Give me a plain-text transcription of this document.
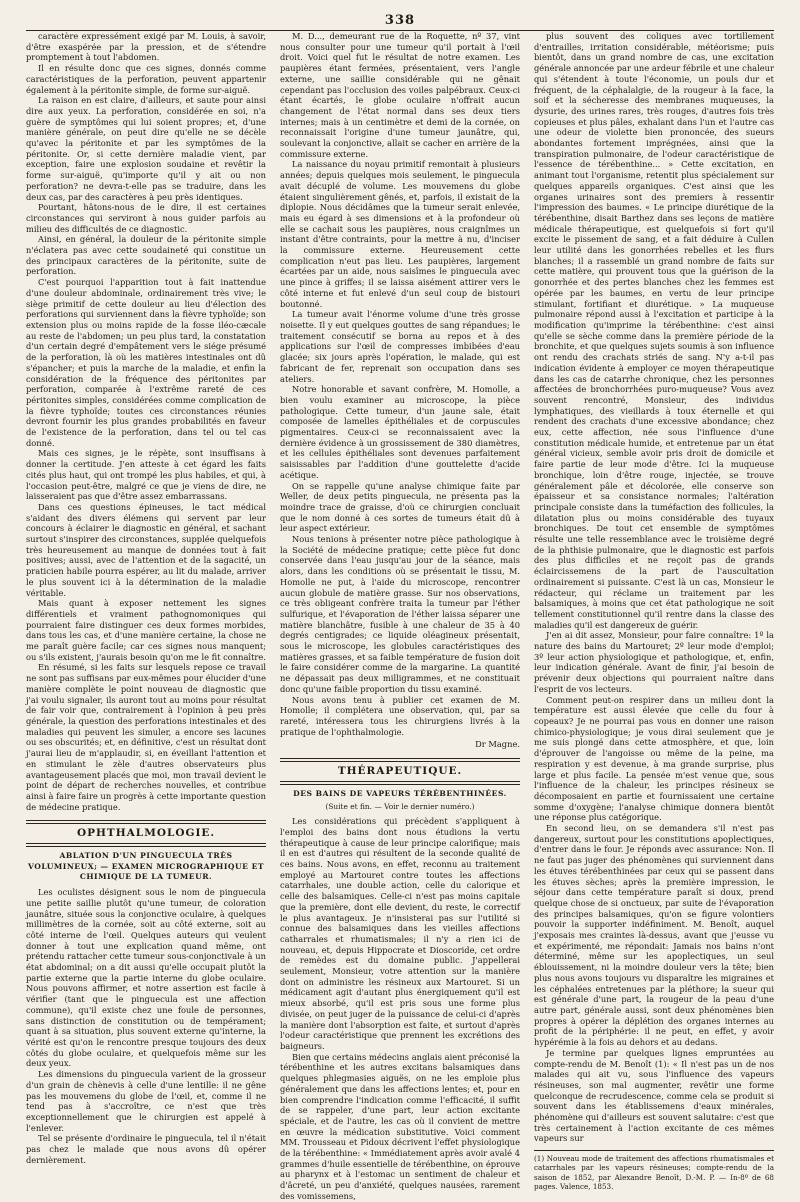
338

caractère expressément exigé par M. Louis, à savoir, d'être exaspérée par la pression, et de s'étendre promptement à tout l'abdomen.

Il en résulte donc que ces signes, donnés comme caractéristiques de la perforation, peuvent appartenir également à la péritonite simple, de forme sur-aiguë.

La raison en est claire, d'ailleurs, et saute pour ainsi dire aux yeux. La perforation, considérée en soi, n'a guère de symptômes qui lui soient propres; et, d'une manière générale, on peut dire qu'elle ne se décèle qu'avec la péritonite et par les symptômes de la péritonite. Or, si cette dernière maladie vient, par exception, faire une explosion soudaine et revêtir la forme sur-aiguë, qu'importe qu'il y ait ou non perforation? ne devra-t-elle pas se traduire, dans les deux cas, par des caractères à peu près identiques.

Pourtant, hâtons-nous de le dire, il est certaines circonstances qui serviront à nous guider parfois au milieu des difficultés de ce diagnostic.

Ainsi, en général, la douleur de la péritonite simple n'éclatera pas avec cette soudaineté qui constitue un des principaux caractères de la péritonite, suite de perforation.

C'est pourquoi l'apparition tout à fait inattendue d'une douleur abdominale, ordinairement très vive; le siège primitif de cette douleur au lieu d'élection des perforations qui surviennent dans la fièvre typhoïde; son extension plus ou moins rapide de la fosse iléo-cæcale au reste de l'abdomen; un peu plus tard, la constatation d'un certain degré d'empâtement vers le siége présumé de la perforation, là où les matières intestinales ont dû s'épancher; et puis la marche de la maladie, et enfin la considération de la fréquence des péritonites par perforation, comparée à l'extrême rareté de ces péritonites simples, considérées comme complication de la fièvre typhoïde; toutes ces circonstances réunies devront fournir les plus grandes probabilités en faveur de l'existence de la perforation, dans tel ou tel cas donné.

Mais ces signes, je le répète, sont insuffisans à donner la certitude. J'en atteste à cet égard les faits cités plus haut, qui ont trompé les plus habiles, et qui, à l'occasion peut-être, malgré ce que je viens de dire, ne laisseraient pas que d'être assez embarrassans.

Dans ces questions épineuses, le tact médical s'aidant des divers élémens qui servent par leur concours à éclairer le diagnostic en général, et sachant surtout s'inspirer des circonstances, supplée quelquefois très heureusement au manque de données tout à fait positives; aussi, avec de l'attention et de la sagacité, un praticien habile pourra espérer, au lit du malade, arriver le plus souvent ici à la détermination de la maladie véritable.

Mais quant à exposer nettement les signes différentiels et vraiment pathognomoniques qui pourraient faire distinguer ces deux formes morbides, dans tous les cas, et d'une manière certaine, la chose ne me paraît guère facile; car ces signes nous manquent; ou s'ils existent, j'aurais besoin qu'on me le fit connaître.

En résumé, si les faits sur lesquels repose ce travail ne sont pas suffisans par eux-mêmes pour élucider d'une manière complète le point nouveau de diagnostic que j'ai voulu signaler, ils auront tout au moins pour résultat de fair voir que, contrairement à l'opinion à peu près générale, la question des perforations intestinales et des maladies qui peuvent les simuler, a encore ses lacunes ou ses obscurités; et, en définitive, c'est un résultat dont j'aurai lieu de m'applaudir, si, en éveillant l'attention et en stimulant le zèle d'autres observateurs plus avantageusement placés que moi, mon travail devient le point de départ de recherches nouvelles, et contribue ainsi à faire faire un progrès à cette importante question de médecine pratique.

OPHTHALMOLOGIE.
ABLATION D'UN PINGUECULA TRÈS VOLUMINEUX; — EXAMEN MICROGRAPHIQUE ET CHIMIQUE DE LA TUMEUR.

Les oculistes désignent sous le nom de pinguecula une petite saillie plutôt qu'une tumeur, de coloration jaunâtre, située sous la conjonctive oculaire, à quelques millimètres de la cornée, soit au côté externe, soit au côté interne de l'œil. Quelques auteurs qui veulent donner à tout une explication quand même, ont prétendu rattacher cette tumeur sous-conjonctivale à un état abdominal; on a dit aussi qu'elle occupait plutôt la partie externe que la partie interne du globe oculaire. Nous pouvons affirmer, et notre assertion est facile à vérifier (tant que le pinguecula est une affection commune), qu'il existe chez une foule de personnes, sans distinction de constitution ou de tempérament; quant à sa situation, plus souvent externe qu'interne, la vérité est qu'on le rencontre presque toujours des deux côtés du globe oculaire, et quelquefois même sur les deux yeux.

Les dimensions du pinguecula varient de la grosseur d'un grain de chènevis à celle d'une lentille: il ne gêne pas les mouvemens du globe de l'œil, et, comme il ne tend pas à s'accroître, ce n'est que très exceptionnellement que le chirurgien est appelé à l'enlever.

Tel se présente d'ordinaire le pinguecula, tel il n'était pas chez le malade que nous avons dû opérer dernièrement.

M. D..., demeurant rue de la Roquette, nº 37, vint nous consulter pour une tumeur qu'il portait à l'œil droit. Voici quel fut le résultat de notre examen. Les paupières étant fermées, présentaient, vers l'angle externe, une saillie considérable qui ne gênait cependant pas l'occlusion des voiles palpébraux. Ceux-ci étant écartés, le globe oculaire n'offrait aucun changement de l'état normal dans ses deux tiers internes; mais à un centimètre et demi de la cornée, on reconnaissait l'origine d'une tumeur jaunâtre, qui, soulevant la conjonctive, allait se cacher en arrière de la commissure externe.

La naissance du noyau primitif remontait à plusieurs années; depuis quelques mois seulement, le pinguecula avait décuplé de volume. Les mouvemens du globe étaient singulièrement gênés, et, parfois, il existait de la diplopie. Nous décidâmes que la tumeur serait enlevée, mais eu égard à ses dimensions et à la profondeur où elle se cachait sous les paupières, nous craignîmes un instant d'être contraints, pour la mettre à nu, d'inciser la commissure externe. Heureusement cette complication n'eut pas lieu. Les paupières, largement écartées par un aide, nous saisîmes le pinguecula avec une pince à griffes; il se laissa aisément attirer vers le côté interne et fut enlevé d'un seul coup de bistouri boutonné.

La tumeur avait l'énorme volume d'une très grosse noisette. Il y eut quelques gouttes de sang répandues; le traitement consécutif se borna au repos et à des applications sur l'œil de compresses imbibées d'eau glacée; six jours après l'opération, le malade, qui est fabricant de fer, reprenait son occupation dans ses ateliers.

Notre honorable et savant confrère, M. Homolle, a bien voulu examiner au microscope, la pièce pathologique. Cette tumeur, d'un jaune sale, était composée de lamelles épithéliales et de corpuscules pigmentaires. Ceux-ci se reconnaissaient avec la dernière évidence à un grossissement de 380 diamètres, et les cellules épithéliales sont devenues parfaitement saisissables par l'addition d'une gouttelette d'acide acétique.

On se rappelle qu'une analyse chimique faite par Weller, de deux petits pinguecula, ne présenta pas la moindre trace de graisse, d'où ce chirurgien concluait que le nom donné à ces sortes de tumeurs était dû à leur aspect extérieur.

Nous tenions à présenter notre pièce pathologique à la Société de médecine pratique; cette pièce fut donc conservée dans l'eau jusqu'au jour de la séance, mais alors, dans les conditions où se présentait le tissu, M. Homolle ne put, à l'aide du microscope, rencontrer aucun globule de matière grasse. Sur nos observations, ce très obligeant confrère traita la tumeur par l'éther sulfurique, et l'évaporation de l'éther laissa séparer une matière blanchâtre, fusible à une chaleur de 35 à 40 degrés centigrades; ce liquide oléagineux présentait, sous le microscope, les globules caractéristiques des matières grasses, et sa faible température de fusion doit le faire considérer comme de la margarine. La quantité ne dépassait pas deux milligrammes, et ne constituait donc qu'une faible proportion du tissu examiné.

Nous avons tenu à publier cet examen de M. Homolle; il complétera une observation, qui, par sa rareté, intéressera tous les chirurgiens livrés à la pratique de l'ophthalmologie.

Dr Magne.
THÉRAPEUTIQUE.
DES BAINS DE VAPEURS TÉRÉBENTHINÉES.
(Suite et fin. — Voir le dernier numéro.)

Les considérations qui précèdent s'appliquent à l'emploi des bains dont nous étudions la vertu thérapeutique à cause de leur principe calorifique; mais il en est d'autres qui résultent de la seconde qualité de ces bains. Nous avons, en effet, reconnu au traitement employé au Martouret contre toutes les affections catarrhales, une double action, celle du calorique et celle des balsamiques. Celle-ci n'est pas moins capitale que la première, dont elle devient, du reste, le correctif le plus avantageux. Je n'insisterai pas sur l'utilité si connue des balsamiques dans les vieilles affections catharrales et rhumatismales; il n'y a rien ici de nouveau, et, depuis Hippocrate et Dioscoride, cet ordre de remèdes est du domaine public. J'appellerai seulement, Monsieur, votre attention sur la manière dont on administre les résineux aux Martouret. Si un médicament agit d'autant plus énergiquement qu'il est mieux absorbé, qu'il est pris sous une forme plus divisée, on peut juger de la puissance de celui-ci d'après la manière dont l'absorption est faite, et surtout d'après l'odeur caractéristique que prennent les excrétions des baigneurs.

Bien que certains médecins anglais aient préconisé la térébenthine et les autres excitans balsamiques dans quelques phlegmasies aiguës, on ne les emploie plus généralement que dans les affections lentes; et, pour en bien comprendre l'indication comme l'efficacité, il suffit de se rappeler, d'une part, leur action excitante spéciale, et de l'autre, les cas où il convient de mettre en œuvre la médication substitutive. Voici comment MM. Trousseau et Pidoux décrivent l'effet physiologique de la térébenthine: « Immédiatement après avoir avalé 4 grammes d'huile essentielle de térébenthine, on éprouve au pharynx et à l'estomac un sentiment de chaleur et d'âcreté, un peu d'anxiété, quelques nausées, rarement des vomissemens,

plus souvent des coliques avec tortillement d'entrailles, irritation considérable, météorisme; puis bientôt, dans un grand nombre de cas, une excitation générale annoncée par une ardeur fébrile et une chaleur qui s'étendent à toute l'économie, un pouls dur et fréquent, de la céphalalgie, de la rougeur à la face, la soif et la sécheresse des membranes muqueuses, la dysurie, des urines rares, très rouges, d'autres fois très copieuses et plus pâles, exhalant dans l'un et l'autre cas une odeur de violette bien prononcée, des sueurs abondantes fortement imprégnées, ainsi que la transpiration pulmonaire, de l'odeur caractéristique de l'essence de térébenthine... » Cette excitation, en animant tout l'organisme, retentit plus spécialement sur quelques appareils organiques. C'est ainsi que les organes urinaires sont des premiers à ressentir l'impression des baumes. « Le principe diurétique de la térébenthine, disait Barthez dans ses leçons de matière médicale thérapeutique, est quelquefois si fort qu'il excite le pissement de sang, et a fait déduire à Cullen leur utilité dans les gonorrhées rebelles et les flurs blanches; il a rassemblé un grand nombre de faits sur cette matière, qui prouvent tous que la guérison de la gonorrhée et des pertes blanches chez les femmes est opérée par les baumes, en vertu de leur principe stimulant, fortifiant et diurétique. » La muqueuse pulmonaire répond aussi à l'excitation et participe à la modification qu'imprime la térébenthine: c'est ainsi qu'elle se sèche comme dans la première période de la bronchite, et que quelques sujets soumis à son influence ont rendu des crachats striés de sang. N'y a-t-il pas indication évidente à employer ce moyen thérapeutique dans les cas de catarrhe chronique, chez les personnes affectées de bronchorrhées puro-muqueuse? Vous avez souvent rencontré, Monsieur, des individus lymphatiques, des vieillards à toux éternelle et qui rendent des crachats d'une excessive abondance; chez eux, cette affection, née sous l'influence d'une constitution médicale humide, et entretenue par un état général vicieux, semble avoir pris droit de domicile et faire partie de leur mode d'être. Ici la muqueuse bronchique, loin d'être rouge, injectée, se trouve généralement pâle et décolorée, elle conserve son épaisseur et sa consistance normales; l'altération principale consiste dans la tuméfaction des follicules, la dilatation plus ou moins considérable des tuyaux bronchiques. De tout cet ensemble de symptômes résulte une telle ressemblance avec le troisième degré de la phthisie pulmonaire, que le diagnostic est parfois des plus difficiles et ne reçoit pas de grands éclaircissemens de la part de l'auscultation ordinairement si puissante. C'est là un cas, Monsieur le rédacteur, qui réclame un traitement par les balsamiques, à moins que cet état pathologique ne soit tellement constitutionnel qu'il rentre dans la classe des maladies qu'il est dangereux de guérir.

J'en ai dit assez, Monsieur, pour faire connaître: 1º la nature des bains du Martouret; 2º leur mode d'emploi; 3º leur action physiologique et pathologique, et, enfin, leur indication générale. Avant de finir, j'ai besoin de prévenir deux objections qui pourraient naître dans l'esprit de vos lecteurs.

Comment peut-on respirer dans un milieu dont la température est aussi élevée que celle du four à copeaux? Je ne pourrai pas vous en donner une raison chimico-physiologique; je vous dirai seulement que je me suis plongé dans cette atmosphère, et que, loin d'éprouver de l'angoisse ou même de la peine, ma respiration y est devenue, à ma grande surprise, plus large et plus facile. La pensée m'est venue que, sous l'influence de la chaleur, les principes résineux se décomposaient en partie et fournissaient une certaine somme d'oxygène; l'analyse chimique donnera bientôt une réponse plus catégorique.

En second lieu, on se demandera s'il n'est pas dangereux, surtout pour les constitutions apoplectiques, d'entrer dans le four. Je réponds avec assurance: Non. Il ne faut pas juger des phénomènes qui surviennent dans les étuves térébenthinées par ceux qui se passent dans les étuves sèches; après la première impression, le séjour dans cette température paraît si doux, prend quelque chose de si onctueux, par suite de l'évaporation des principes balsamiques, qu'on se figure volontiers pouvoir la supporter indéfiniment. M. Benoît, auquel j'exposais mes craintes là-dessus, avant que j'eusse vu et expérimenté, me répondait: Jamais nos bains n'ont déterminé, même sur les apoplectiques, un seul éblouissement, ni la moindre douleur vers la tête; bien plus nous avons toujours vu disparaître les migraines et les céphalées entretenues par la pléthore; la sueur qui est générale d'une part, la rougeur de la peau d'une autre part, générale aussi, sont deux phénomènes bien propres à opérer la déplétion des organes internes au profit de la périphérie: il ne peut, en effet, y avoir hypérémie à la fois au dehors et au dedans.

Je termine par quelques lignes empruntées au compte-rendu de M. Benoît (1): « Il n'est pas un de nos malades qui ait vu, sous l'influence des vapeurs résineuses, son mal augmenter, revêtir une forme quelconque de recrudescence, comme cela se produit si souvent dans les établissemens d'eaux minérales, phénomène qui d'ailleurs est souvent salutaire: c'est que très certainement à l'action excitante de ces mêmes vapeurs sur

(1) Nouveau mode de traitement des affections rhumatismales et catarrhales par les vapeurs résineuses; compte-rendu de la saison de 1852, par Alexandre Benoît, D.-M. P. — In-8º de 68 pages. Valence, 1853.
